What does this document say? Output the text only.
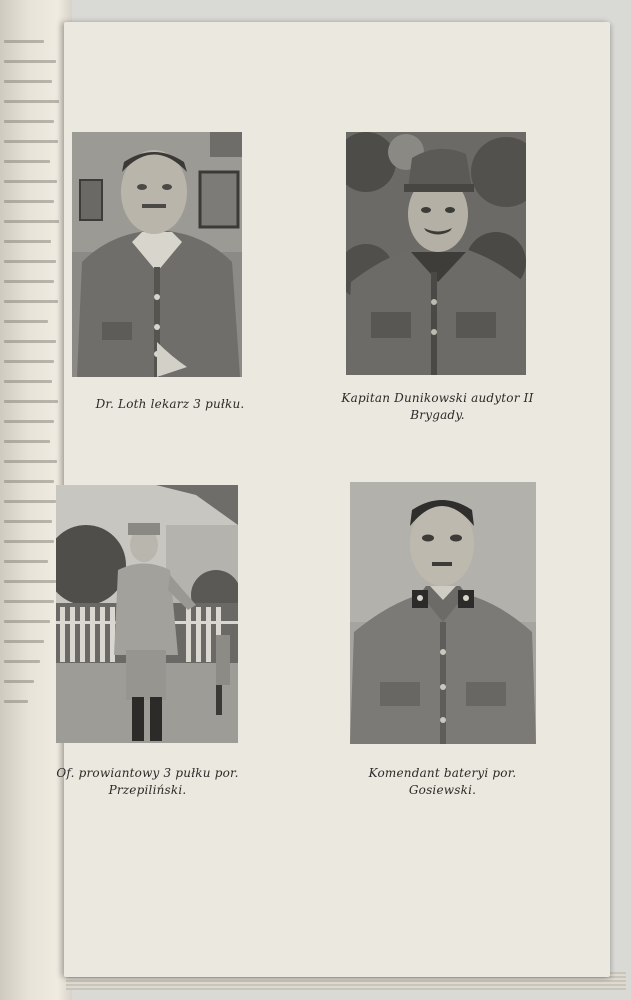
Dr. Loth lekarz 3 pułku.	Kapitan Dunikowski audytor II
Brygady.
Of. prowiantowy 3 pułku por.
Przepiliński.
Komendant bateryi por.
Gosiewski.
